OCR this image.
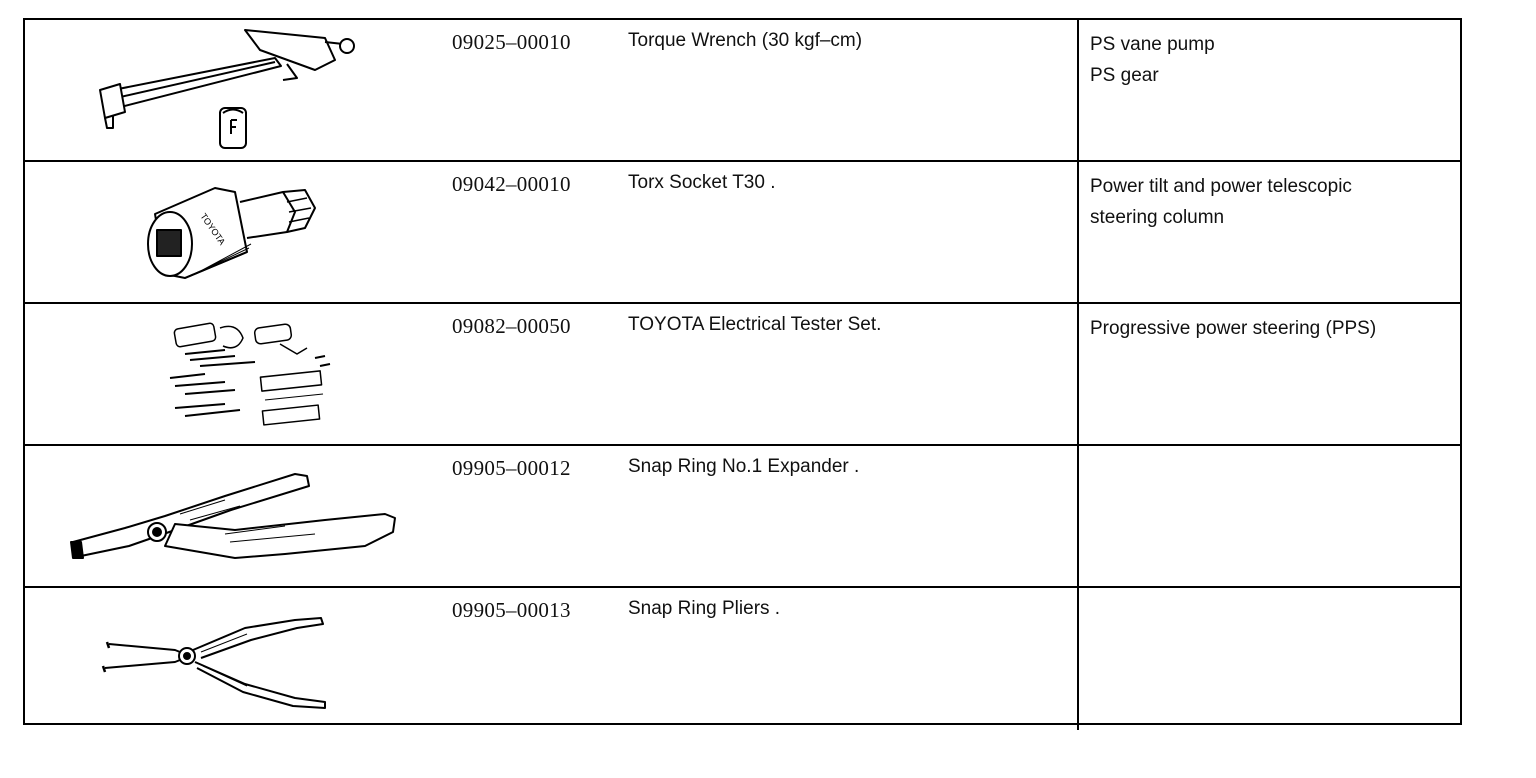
09025–00010	Torque Wrench (30 kgf–cm)	PS vane pump
PS gear
TOYOTA
09042–00010	Torx Socket T30 .	Power tilt and power telescopic
steering column
09082–00050	TOYOTA Electrical Tester Set.	Progressive power steering (PPS)
09905–00012	Snap Ring No.1 Expander .
09905–00013	Snap Ring Pliers .
